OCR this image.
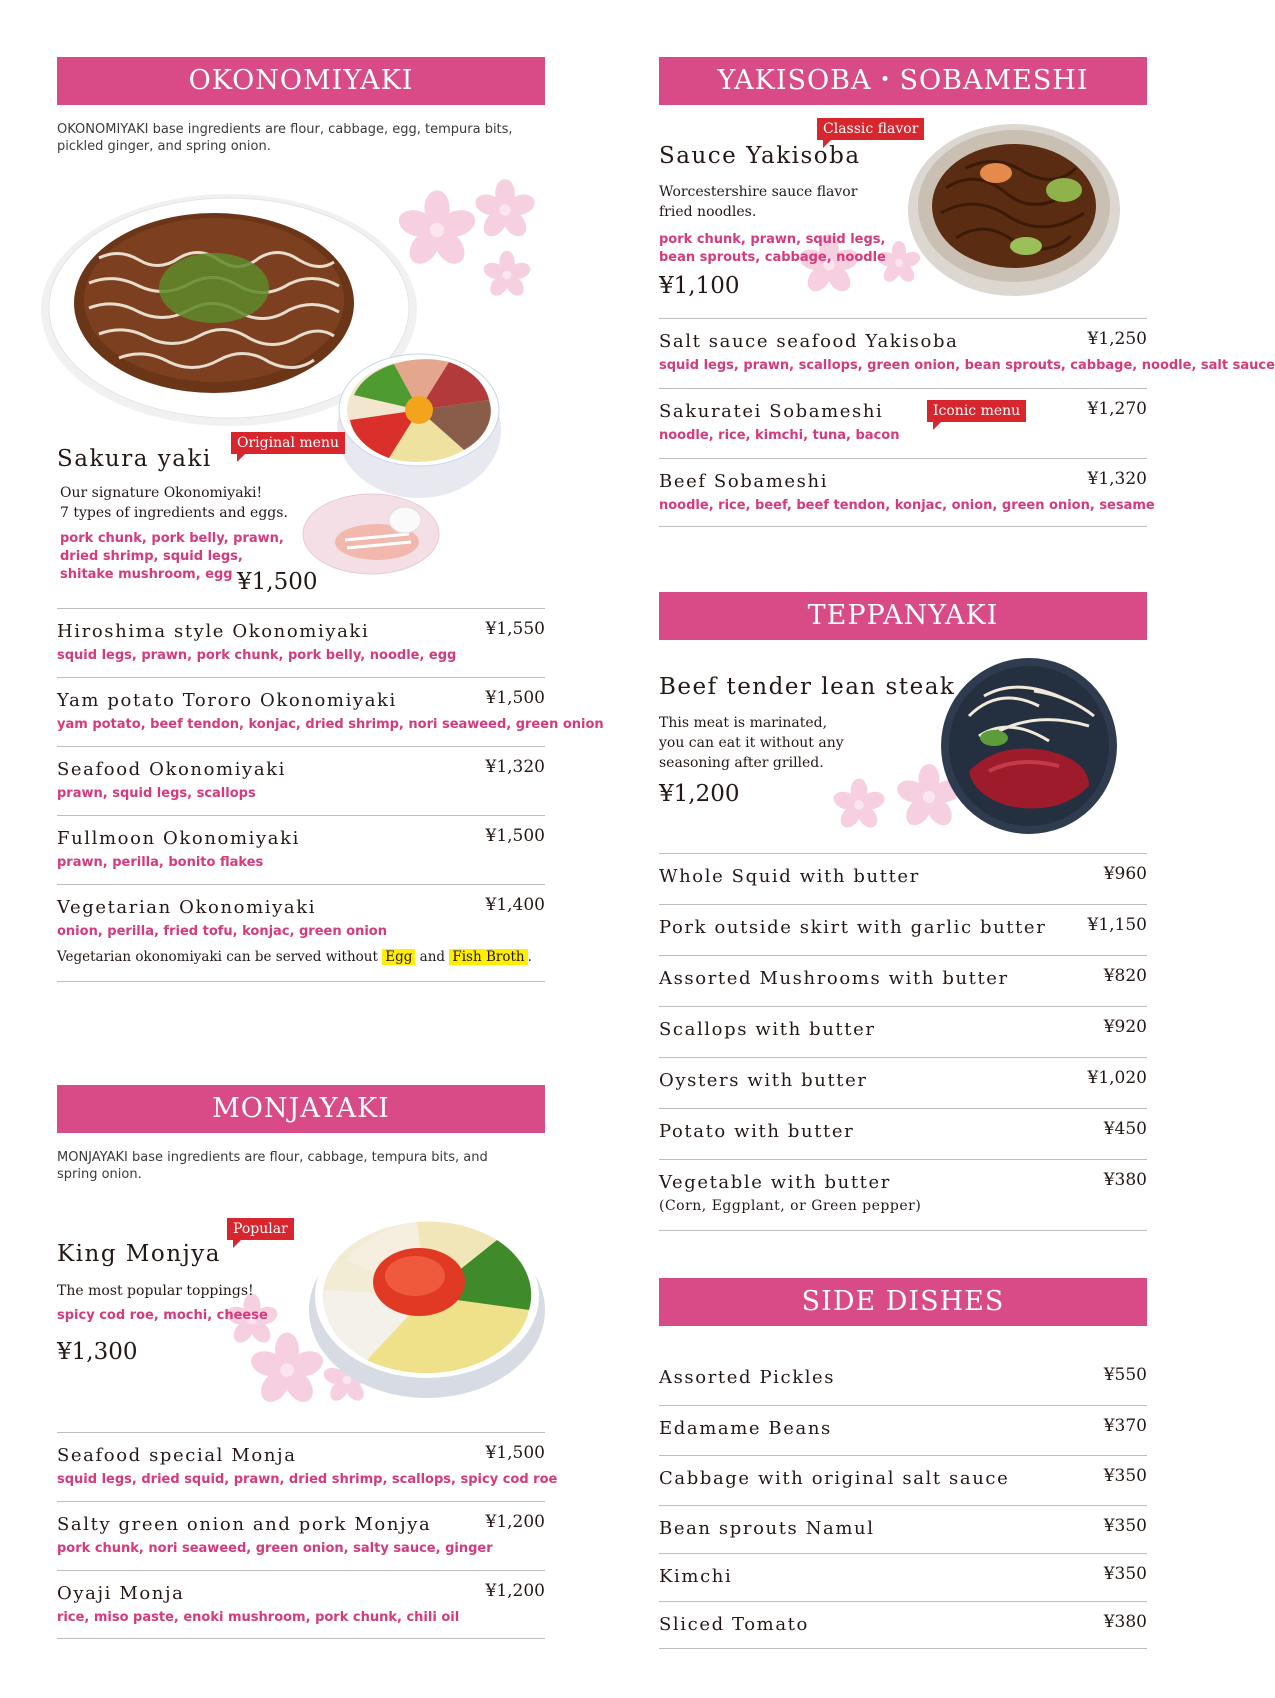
OKONOMIYAKI
OKONOMIYAKI base ingredients are flour, cabbage, egg, tempura bits, pickled ginger, and spring onion.
Original menu
Sakura yaki
Our signature Okonomiyaki!
7 types of ingredients and eggs.
pork chunk, pork belly, prawn,
dried shrimp, squid legs,
shitake mushroom, egg ¥1,500
Hiroshima style Okonomiyaki	¥1,550
squid legs, prawn, pork chunk, pork belly, noodle, egg
Yam potato Tororo Okonomiyaki	¥1,500
yam potato, beef tendon, konjac, dried shrimp, nori seaweed, green onion
Seafood Okonomiyaki	¥1,320
prawn, squid legs, scallops
Fullmoon Okonomiyaki	¥1,500
prawn, perilla, bonito flakes
Vegetarian Okonomiyaki	¥1,400
onion, perilla, fried tofu, konjac, green onion
Vegetarian okonomiyaki can be served without Egg and Fish Broth .
MONJAYAKI
MONJAYAKI base ingredients are flour, cabbage, tempura bits, and spring onion.
Popular
King Monjya
The most popular toppings!
spicy cod roe, mochi, cheese
¥1,300
Seafood special Monja	¥1,500
squid legs, dried squid, prawn, dried shrimp, scallops, spicy cod roe
Salty green onion and pork Monjya	¥1,200
pork chunk, nori seaweed, green onion, salty sauce, ginger
Oyaji Monja	¥1,200
rice, miso paste, enoki mushroom, pork chunk, chili oil
YAKISOBA・SOBAMESHI
Classic flavor
Sauce Yakisoba
Worcestershire sauce flavor
fried noodles.
pork chunk, prawn, squid legs,
bean sprouts, cabbage, noodle
¥1,100
Salt sauce seafood Yakisoba	¥1,250
squid legs, prawn, scallops, green onion, bean sprouts, cabbage, noodle, salt sauce
Sakuratei Sobameshi	Iconic menu	¥1,270
noodle, rice, kimchi, tuna, bacon
Beef Sobameshi	¥1,320
noodle, rice, beef, beef tendon, konjac, onion, green onion, sesame
TEPPANYAKI
Beef tender lean steak
This meat is marinated,
you can eat it without any
seasoning after grilled.
¥1,200
Whole Squid with butter	¥960
Pork outside skirt with garlic butter ¥1,150
Assorted Mushrooms with butter	¥820
Scallops with butter	¥920
Oysters with butter	¥1,020
Potato with butter	¥450
Vegetable with butter	¥380
(Corn, Eggplant, or Green pepper)
SIDE DISHES
Assorted Pickles	¥550
Edamame Beans	¥370
Cabbage with original salt sauce	¥350
Bean sprouts Namul	¥350
Kimchi	¥350
Sliced Tomato	¥380
